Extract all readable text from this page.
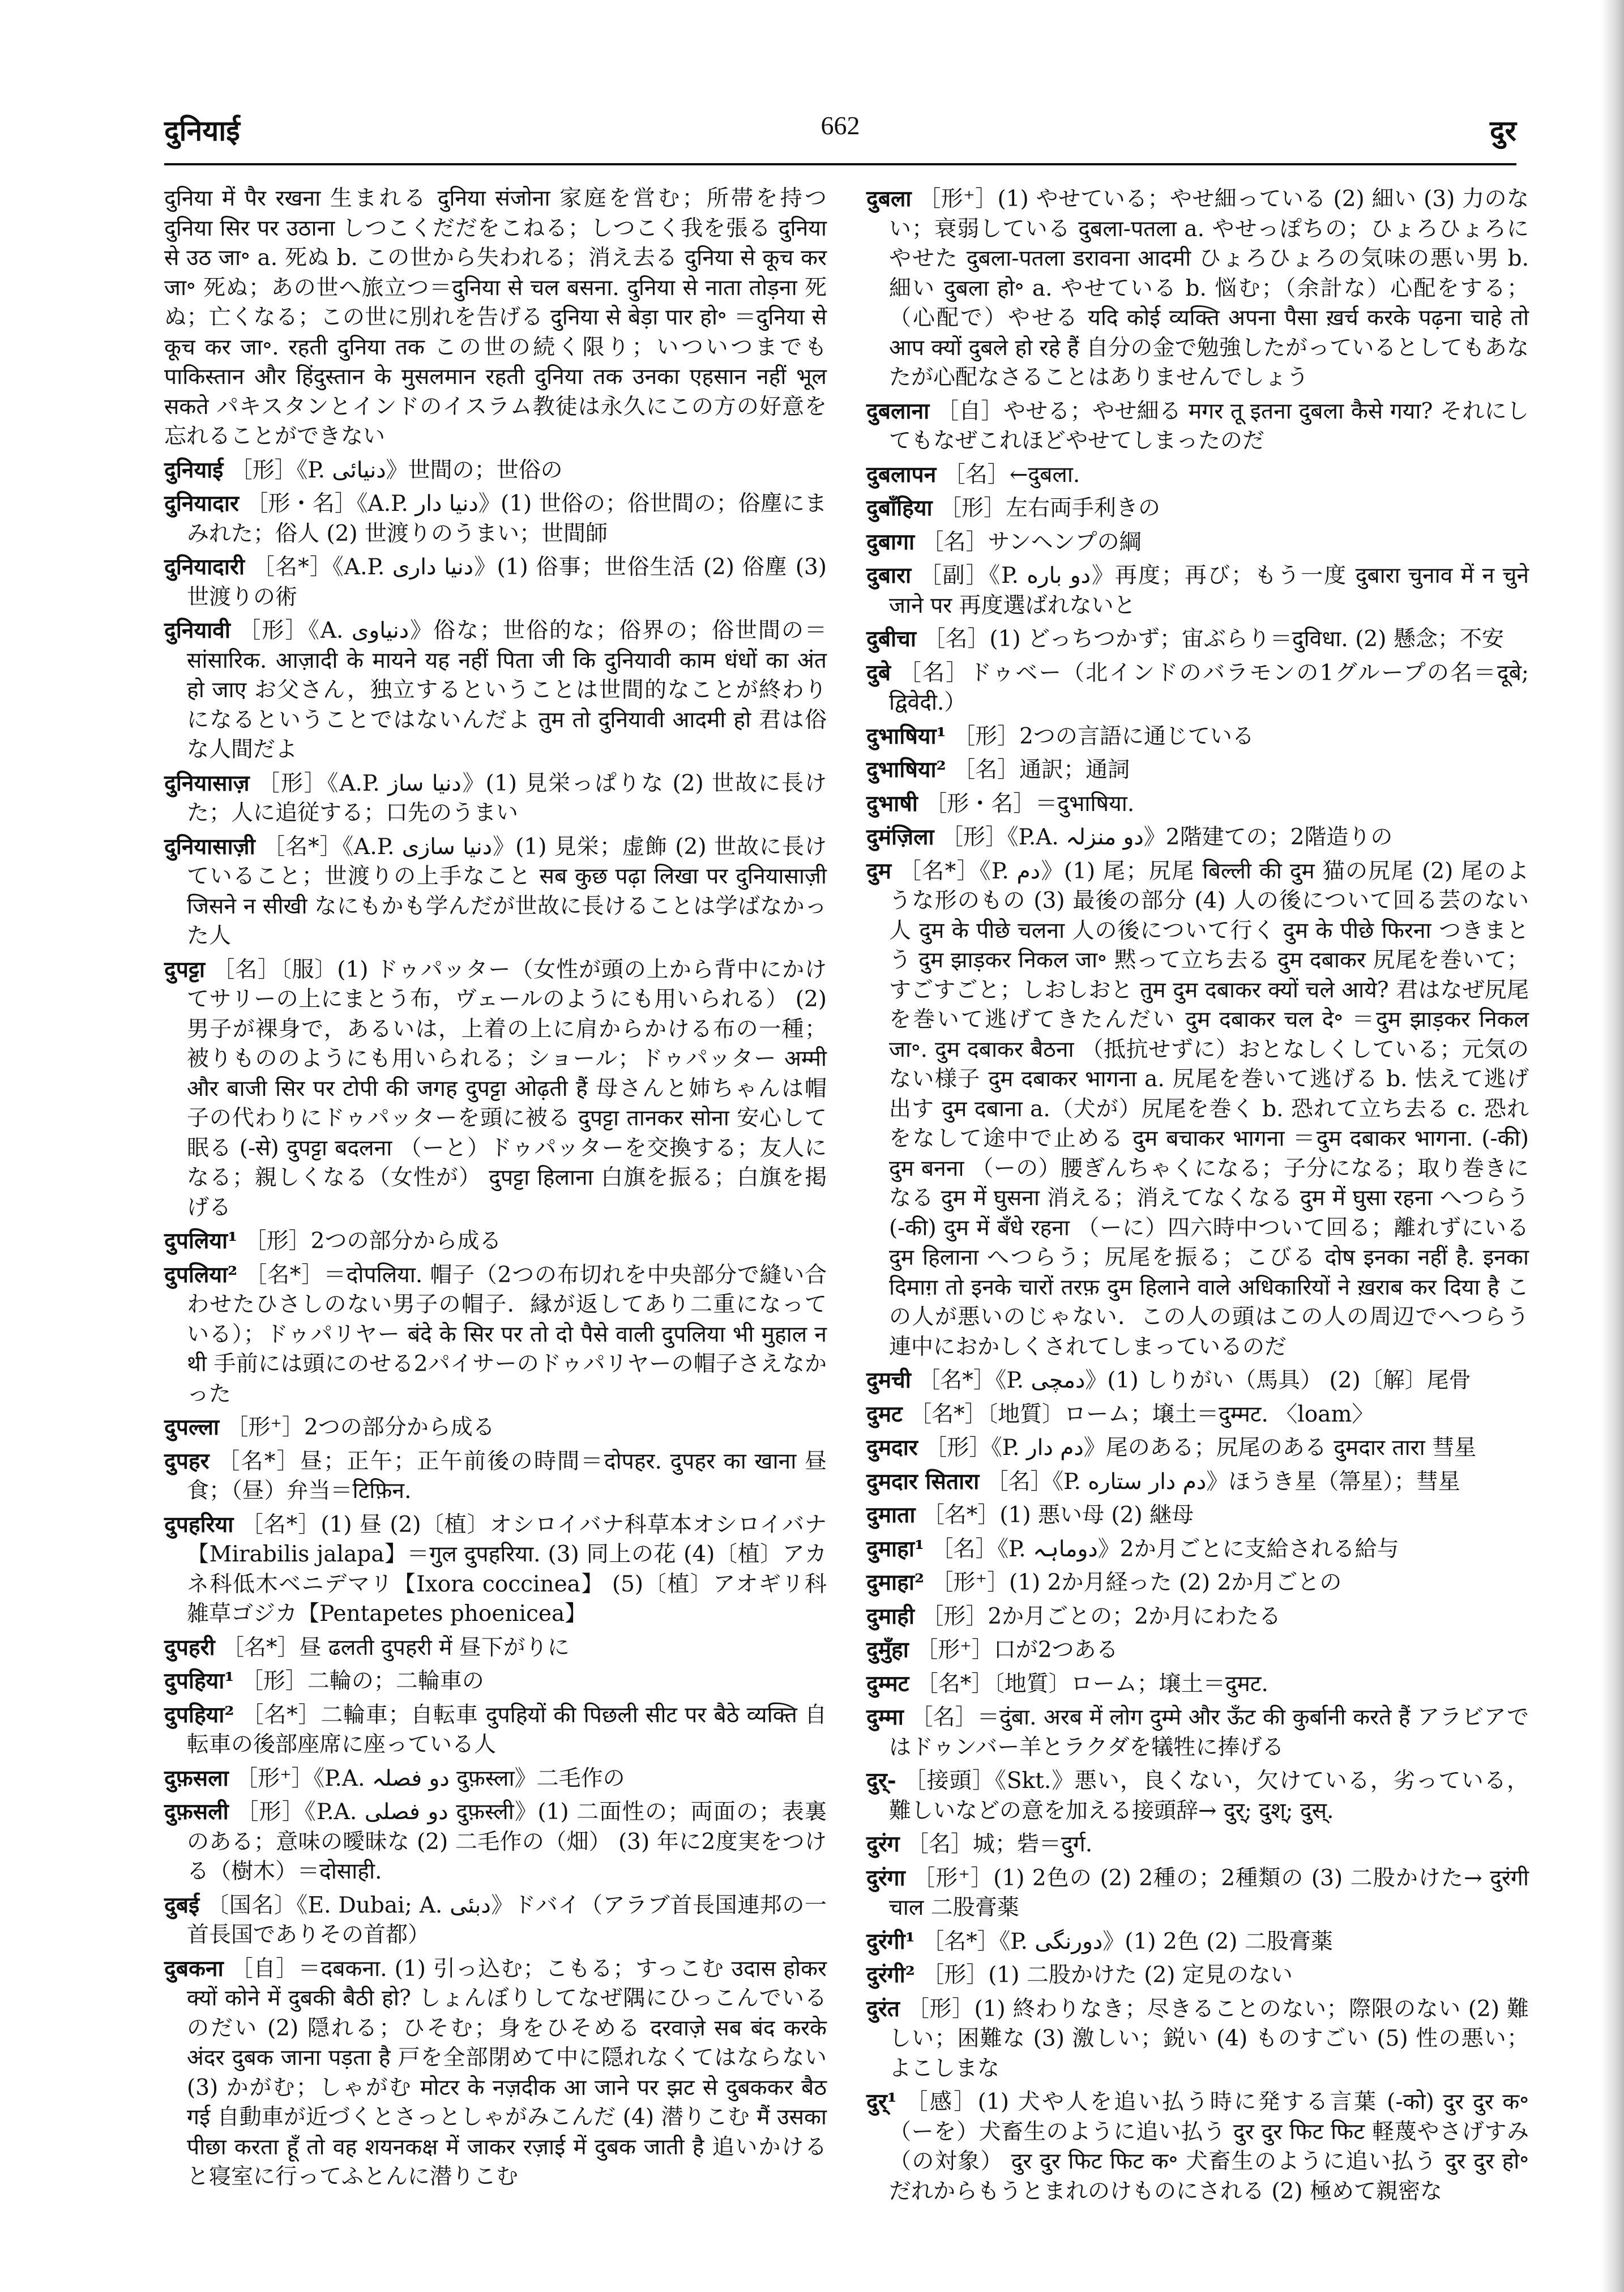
दुनियाई	662	दुर

दुनिया में पैर रखना 生まれる दुनिया संजोना 家庭を営む；所帯を持つ दुनिया सिर पर उठाना しつこくだだをこねる；しつこく我を張る दुनिया से उठ जा॰ a. 死ぬ b. この世から失われる；消え去る दुनिया से कूच कर जा॰ 死ぬ；あの世へ旅立つ＝दुनिया से चल बसना. दुनिया से नाता तोड़ना 死ぬ；亡くなる；この世に別れを告げる दुनिया से बेड़ा पार हो॰ ＝दुनिया से कूच कर जा॰. रहती दुनिया तक この世の続く限り；いついつまでも पाकिस्तान और हिंदुस्तान के मुसलमान रहती दुनिया तक उनका एहसान नहीं भूल सकते パキスタンとインドのイスラム教徒は永久にこの方の好意を忘れることができない

दुनियाई ［形］《P. دنیائی》世間の；世俗の

दुनियादार ［形・名］《A.P. دنیا دار》(1) 世俗の；俗世間の；俗塵にまみれた；俗人 (2) 世渡りのうまい；世間師

दुनियादारी ［名*］《A.P. دنیا داری》(1) 俗事；世俗生活 (2) 俗塵 (3) 世渡りの術

दुनियावी ［形］《A. دنیاوی》俗な；世俗的な；俗界の；俗世間の＝सांसारिक. आज़ादी के मायने यह नहीं पिता जी कि दुनियावी काम धंधों का अंत हो जाए お父さん，独立するということは世間的なことが終わりになるということではないんだよ तुम तो दुनियावी आदमी हो 君は俗な人間だよ

दुनियासाज़ ［形］《A.P. دنیا ساز》(1) 見栄っぱりな (2) 世故に長けた；人に追従する；口先のうまい

दुनियासाज़ी ［名*］《A.P. دنیا سازی》(1) 見栄；虚飾 (2) 世故に長けていること；世渡りの上手なこと सब कुछ पढ़ा लिखा पर दुनियासाज़ी जिसने न सीखी なにもかも学んだが世故に長けることは学ばなかった人

दुपट्टा ［名］〔服〕(1) ドゥパッター（女性が頭の上から背中にかけてサリーの上にまとう布，ヴェールのようにも用いられる） (2) 男子が裸身で，あるいは，上着の上に肩からかける布の一種；被りもののようにも用いられる；ショール；ドゥパッター अम्मी और बाजी सिर पर टोपी की जगह दुपट्टा ओढ़ती हैं 母さんと姉ちゃんは帽子の代わりにドゥパッターを頭に被る दुपट्टा तानकर सोना 安心して眠る (-से) दुपट्टा बदलना （ーと）ドゥパッターを交換する；友人になる；親しくなる（女性が） दुपट्टा हिलाना 白旗を振る；白旗を掲げる

दुपलिया¹ ［形］2つの部分から成る

दुपलिया² ［名*］＝दोपलिया. 帽子（2つの布切れを中央部分で縫い合わせたひさしのない男子の帽子．縁が返してあり二重になっている）；ドゥパリヤー बंदे के सिर पर तो दो पैसे वाली दुपलिया भी मुहाल न थी 手前には頭にのせる2パイサーのドゥパリヤーの帽子さえなかった

दुपल्ला ［形⁺］2つの部分から成る

दुपहर ［名*］昼；正午；正午前後の時間＝दोपहर. दुपहर का खाना 昼食；（昼）弁当＝टिफ़िन.

दुपहरिया ［名*］(1) 昼 (2)〔植〕オシロイバナ科草本オシロイバナ【Mirabilis jalapa】＝गुल दुपहरिया. (3) 同上の花 (4)〔植〕アカネ科低木ベニデマリ【Ixora coccinea】 (5)〔植〕アオギリ科雑草ゴジカ【Pentapetes phoeniceа】

दुपहरी ［名*］昼 ढलती दुपहरी में 昼下がりに

दुपहिया¹ ［形］二輪の；二輪車の

दुपहिया² ［名*］二輪車；自転車 दुपहियों की पिछली सीट पर बैठे व्यक्ति 自転車の後部座席に座っている人

दुफ़सला ［形⁺］《P.A. دو فصلہ दुफ़स्ला》二毛作の

दुफ़सली ［形］《P.A. دو فصلی दुफ़स्ली》(1) 二面性の；両面の；表裏のある；意味の曖昧な (2) 二毛作の（畑） (3) 年に2度実をつける（樹木）＝दोसाही.

दुबई 〔国名〕《E. Dubai; A. دبئی》ドバイ（アラブ首長国連邦の一首長国でありその首都）

दुबकना ［自］＝दबकना. (1) 引っ込む；こもる；すっこむ उदास होकर क्यों कोने में दुबकी बैठी हो? しょんぼりしてなぜ隅にひっこんでいるのだい (2) 隠れる；ひそむ；身をひそめる दरवाज़े सब बंद करके अंदर दुबक जाना पड़ता है 戸を全部閉めて中に隠れなくてはならない (3) かがむ；しゃがむ मोटर के नज़दीक आ जाने पर झट से दुबककर बैठ गई 自動車が近づくとさっとしゃがみこんだ (4) 潜りこむ मैं उसका पीछा करता हूँ तो वह शयनकक्ष में जाकर रज़ाई में दुबक जाती है 追いかけると寝室に行ってふとんに潜りこむ

दुबला ［形⁺］(1) やせている；やせ細っている (2) 細い (3) 力のない；衰弱している दुबला-पतला a. やせっぽちの；ひょろひょろにやせた दुबला-पतला डरावना आदमी ひょろひょろの気味の悪い男 b. 細い दुबला हो॰ a. やせている b. 悩む；（余計な）心配をする；（心配で）やせる यदि कोई व्यक्ति अपना पैसा ख़र्च करके पढ़ना चाहे तो आप क्यों दुबले हो रहे हैं 自分の金で勉強したがっているとしてもあなたが心配なさることはありませんでしょう

दुबलाना ［自］やせる；やせ細る मगर तू इतना दुबला कैसे गया? それにしてもなぜこれほどやせてしまったのだ

दुबलापन ［名］←दुबला.

दुबाँहिया ［形］左右両手利きの

दुबागा ［名］サンヘンプの綱

दुबारा ［副］《P. دو باره》再度；再び；もう一度 दुबारा चुनाव में न चुने जाने पर 再度選ばれないと

दुबीचा ［名］(1) どっちつかず；宙ぶらり＝दुविधा. (2) 懸念；不安

दुबे ［名］ドゥベー（北インドのバラモンの1グループの名＝दूबे; द्विवेदी.）

दुभाषिया¹ ［形］2つの言語に通じている

दुभाषिया² ［名］通訳；通詞

दुभाषी ［形・名］＝दुभाषिया.

दुमंज़िला ［形］《P.A. دو منزلہ》2階建ての；2階造りの

दुम ［名*］《P. دم》(1) 尾；尻尾 बिल्ली की दुम 猫の尻尾 (2) 尾のような形のもの (3) 最後の部分 (4) 人の後について回る芸のない人 दुम के पीछे चलना 人の後について行く दुम के पीछे फिरना つきまとう दुम झाड़कर निकल जा॰ 黙って立ち去る दुम दबाकर 尻尾を巻いて；すごすごと；しおしおと तुम दुम दबाकर क्यों चले आये? 君はなぜ尻尾を巻いて逃げてきたんだい दुम दबाकर चल दे॰ ＝दुम झाड़कर निकल जा॰. दुम दबाकर बैठना （抵抗せずに）おとなしくしている；元気のない様子 दुम दबाकर भागना a. 尻尾を巻いて逃げる b. 怯えて逃げ出す दुम दबाना a.（犬が）尻尾を巻く b. 恐れて立ち去る c. 恐れをなして途中で止める दुम बचाकर भागना ＝दुम दबाकर भागना. (-की) दुम बनना （ーの）腰ぎんちゃくになる；子分になる；取り巻きになる दुम में घुसना 消える；消えてなくなる दुम में घुसा रहना へつらう (-की) दुम में बँधे रहना （ーに）四六時中ついて回る；離れずにいる दुम हिलाना へつらう；尻尾を振る；こびる दोष इनका नहीं है. इनका दिमाग़ तो इनके चारों तरफ़ दुम हिलाने वाले अधिकारियों ने ख़राब कर दिया है この人が悪いのじゃない．この人の頭はこの人の周辺でへつらう連中におかしくされてしまっているのだ

दुमची ［名*］《P. دمچی》(1) しりがい（馬具） (2)〔解〕尾骨

दुमट ［名*］〔地質〕ローム；壌土＝दुम्मट. 〈loam〉

दुमदार ［形］《P. دم دار》尾のある；尻尾のある दुमदार तारा 彗星

दुमदार सितारा ［名］《P. دم دار ستاره》ほうき星（箒星）；彗星

दुमाता ［名*］(1) 悪い母 (2) 継母

दुमाहा¹ ［名］《P. دوماہہ》2か月ごとに支給される給与

दुमाहा² ［形⁺］(1) 2か月経った (2) 2か月ごとの

दुमाही ［形］2か月ごとの；2か月にわたる

दुमुँहा ［形⁺］口が2つある

दुम्मट ［名*］〔地質〕ローム；壌土＝दुमट.

दुम्मा ［名］＝दुंबा. अरब में लोग दुम्मे और ऊँट की कुर्बानी करते हैं アラビアではドゥンバー羊とラクダを犠牲に捧げる

दुर्- ［接頭］《Skt.》悪い，良くない，欠けている，劣っている，難しいなどの意を加える接頭辞→ दुर्; दुश्; दुस्.

दुरंग ［名］城；砦＝दुर्ग.

दुरंगा ［形⁺］(1) 2色の (2) 2種の；2種類の (3) 二股かけた→ दुरंगी चाल 二股膏薬

दुरंगी¹ ［名*］《P. دورنگی》(1) 2色 (2) 二股膏薬

दुरंगी² ［形］(1) 二股かけた (2) 定見のない

दुरंत ［形］(1) 終わりなき；尽きることのない；際限のない (2) 難しい；困難な (3) 激しい；鋭い (4) ものすごい (5) 性の悪い；よこしまな

दुर्¹ ［感］(1) 犬や人を追い払う時に発する言葉 (-को) दुर दुर क॰ （ーを）犬畜生のように追い払う दुर दुर फिट फिट 軽蔑やさげすみ（の対象） दुर दुर फिट फिट क॰ 犬畜生のように追い払う दुर दुर हो॰ だれからもうとまれのけものにされる (2) 極めて親密な
